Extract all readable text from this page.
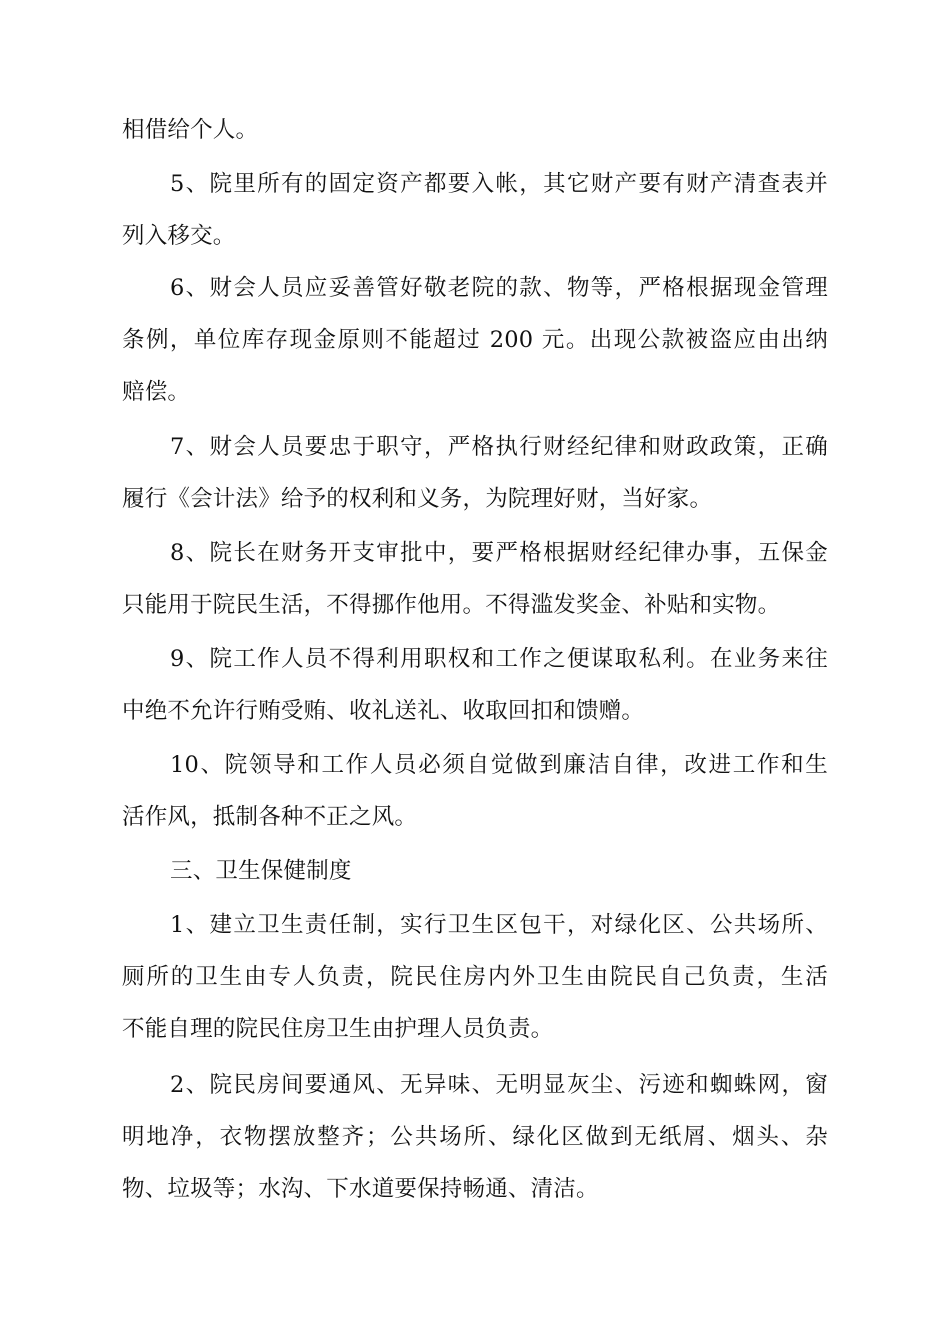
相借给个人。
5、院里所有的固定资产都要入帐，其它财产要有财产清查表并
列入移交。
6、财会人员应妥善管好敬老院的款、物等，严格根据现金管理
条例，单位库存现金原则不能超过 200 元。出现公款被盗应由出纳
赔偿。
7、财会人员要忠于职守，严格执行财经纪律和财政政策，正确
履行《会计法》给予的权利和义务，为院理好财，当好家。
8、院长在财务开支审批中，要严格根据财经纪律办事，五保金
只能用于院民生活，不得挪作他用。不得滥发奖金、补贴和实物。
9、院工作人员不得利用职权和工作之便谋取私利。在业务来往
中绝不允许行贿受贿、收礼送礼、收取回扣和馈赠。
10、院领导和工作人员必须自觉做到廉洁自律，改进工作和生
活作风，抵制各种不正之风。
三、卫生保健制度
1、建立卫生责任制，实行卫生区包干，对绿化区、公共场所、
厕所的卫生由专人负责，院民住房内外卫生由院民自己负责，生活
不能自理的院民住房卫生由护理人员负责。
2、院民房间要通风、无异味、无明显灰尘、污迹和蜘蛛网，窗
明地净，衣物摆放整齐；公共场所、绿化区做到无纸屑、烟头、杂
物、垃圾等；水沟、下水道要保持畅通、清洁。
